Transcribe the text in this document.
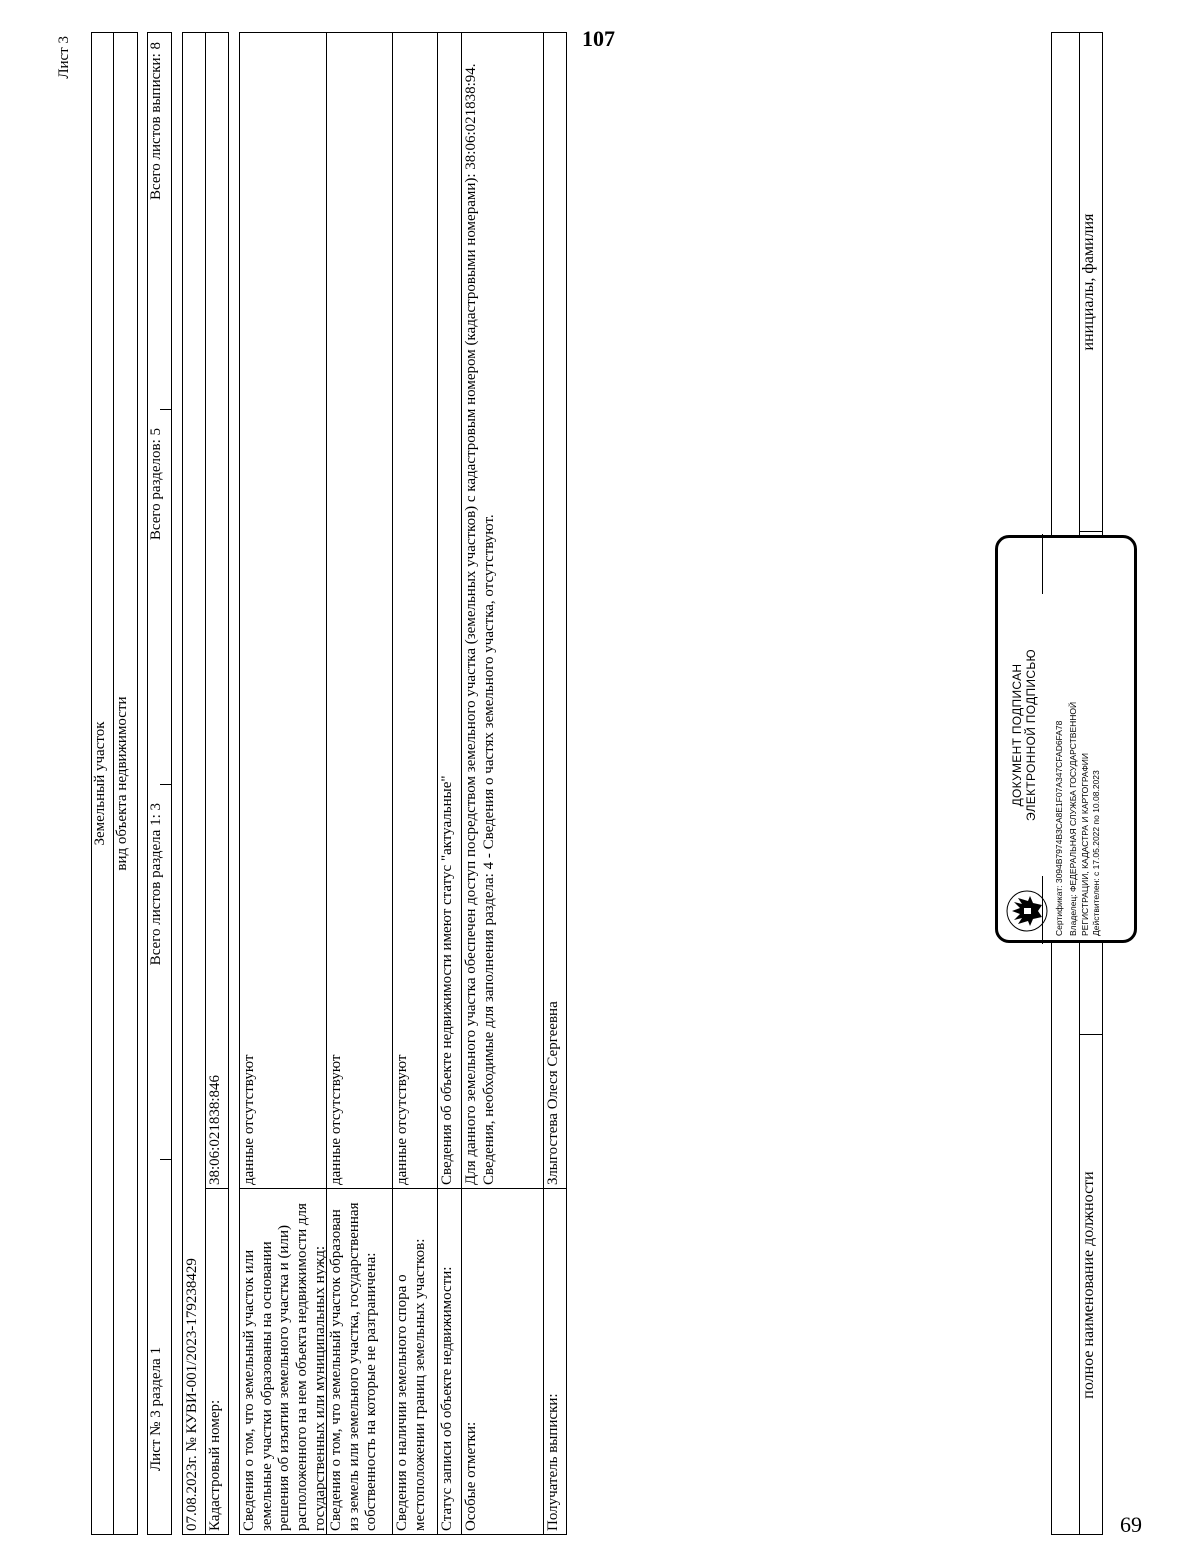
107
69
Лист 3
Земельный участок вид объекта недвижимости
Лист № 3 раздела 1
Всего листов раздела 1: 3
Всего разделов: 5
Всего листов выписки: 8
07.08.2023г. № КУВИ-001/2023-179238429 Кадастровый номер:
38:06:021838:846
Сведения о том, что земельный участок или земельные участки образованы на основании решения об изъятии земельного участка и (или) расположенного на нем объекта недвижимости для государственных или муниципальных нужд:
данные отсутствуют
Сведения о том, что земельный участок образован из земель или земельного участка, государственная собственность на которые не разграничена:
данные отсутствуют
Сведения о наличии земельного спора о местоположении границ земельных участков:
данные отсутствуют
Статус записи об объекте недвижимости:
Сведения об объекте недвижимости имеют статус "актуальные"
Особые отметки:
Для данного земельного участка обеспечен доступ посредством земельного участка (земельных участков) с кадастровым номером (кадастровыми номерами): 38:06:021838:94. Сведения, необходимые для заполнения раздела: 4 - Сведения о частях земельного участка, отсутствуют.
Получатель выписки:
Злыгостева Олеся Сергеевна
полное наименование должности
инициалы, фамилия
ДОКУМЕНТ ПОДПИСАН ЭЛЕКТРОННОЙ ПОДПИСЬЮ Сертификат: 3094B7974B3CA8E1F07A347CFAD6FA78 Владелец: ФЕДЕРАЛЬНАЯ СЛУЖБА ГОСУДАРСТВЕННОЙ РЕГИСТРАЦИИ, КАДАСТРА И КАРТОГРАФИИ Действителен: с 17.05.2022 по 10.08.2023
